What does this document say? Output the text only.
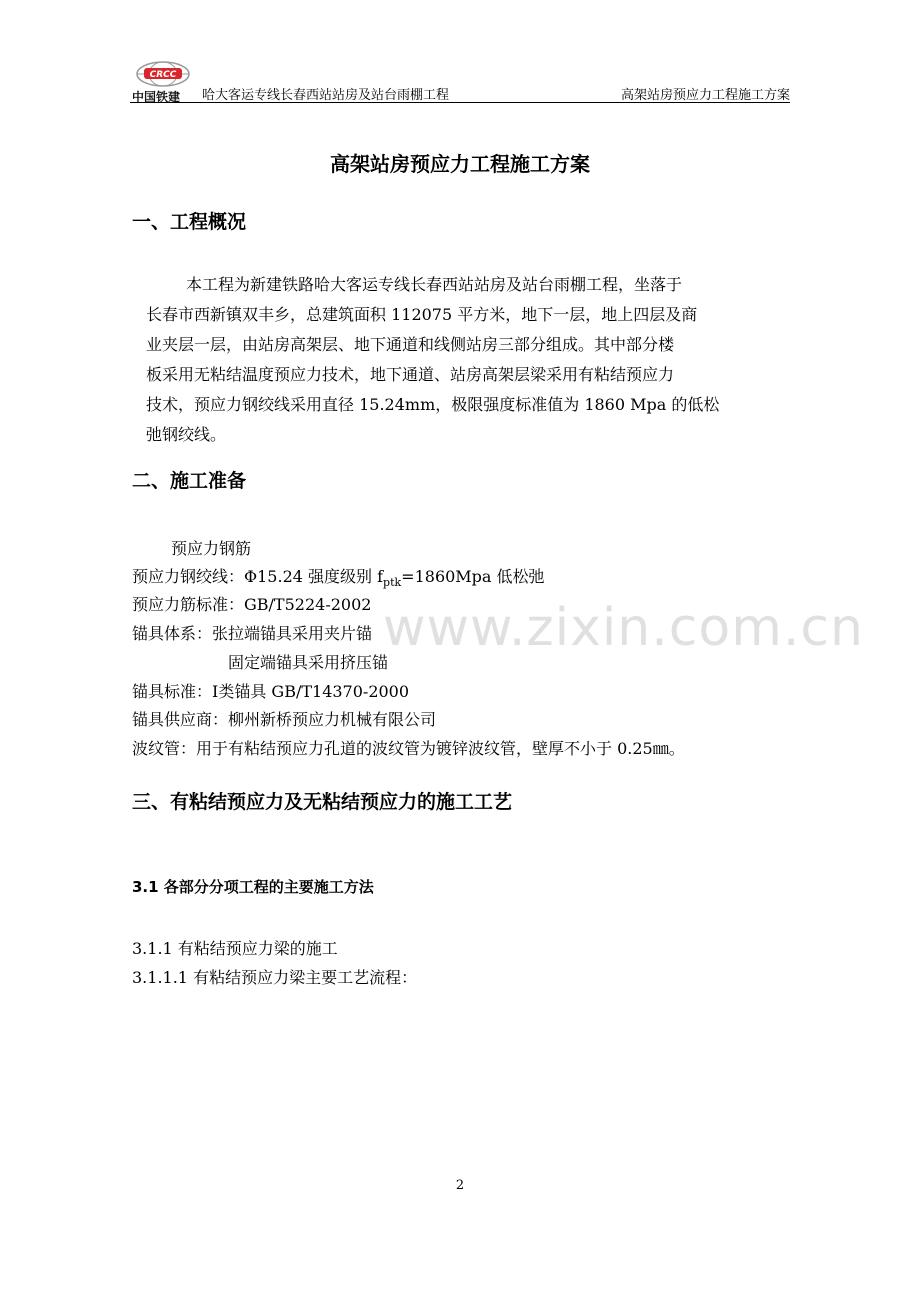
CRCC
中国铁建 哈大客运专线长春西站站房及站台雨棚工程	高架站房预应力工程施工方案
高架站房预应力工程施工方案
一、工程概况
本工程为新建铁路哈大客运专线长春西站站房及站台雨棚工程，坐落于
长春市西新镇双丰乡，总建筑面积 112075 平方米，地下一层，地上四层及商
业夹层一层，由站房高架层、地下通道和线侧站房三部分组成。其中部分楼
板采用无粘结温度预应力技术，地下通道、站房高架层梁采用有粘结预应力
技术，预应力钢绞线采用直径 15.24mm，极限强度标准值为 1860 Mpa 的低松
弛钢绞线。
二、施工准备
预应力钢筋
预应力钢绞线：Φ15.24 强度级别 $f_{ptk}=1860Mpa$ 低松弛
预应力筋标准：GB/T5224-2002
锚具体系：张拉端锚具采用夹片锚
固定端锚具采用挤压锚
锚具标准：Ⅰ类锚具 GB/T14370-2000
锚具供应商：柳州新桥预应力机械有限公司
波纹管：用于有粘结预应力孔道的波纹管为镀锌波纹管，壁厚不小于 0.25㎜。
三、有粘结预应力及无粘结预应力的施工工艺
3.1 各部分分项工程的主要施工方法
3.1.1 有粘结预应力梁的施工
3.1.1.1 有粘结预应力梁主要工艺流程：
www.zixin.com.cn
2
